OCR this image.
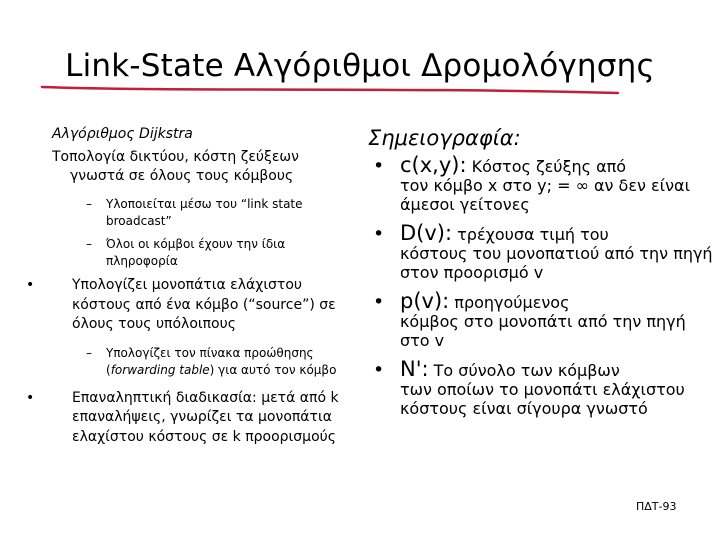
Link-State Αλγόριθμοι Δρομολόγησης
Αλγόριθμος Dijkstra
Τοπολογία δικτύου, κόστη ζεύξεων γνωστά σε όλους τους κόμβους
– Υλοποιείται μέσω του “link state broadcast”
– Όλοι οι κόμβοι έχουν την ίδια πληροφορία
•	Υπολογίζει μονοπάτια ελάχιστου κόστους από ένα κόμβο (“source”) σε όλους τους υπόλοιπους
– Υπολογίζει τον πίνακα προώθησης (forwarding table) για αυτό τον κόμβο
•	Επαναληπτική διαδικασία: μετά από k επαναλήψεις, γνωρίζει τα μονοπάτια ελαχίστου κόστους σε k προορισμούς
Σημειογραφία:
• c(x,y): Κόστος ζεύξης από
τον κόμβο x στο y; = ∞ αν δεν είναι άμεσοι γείτονες
• D(v): τρέχουσα τιμή του
κόστους του μονοπατιού από την πηγή στον προορισμό v
• p(v): προηγούμενος
κόμβος στο μονοπάτι από την πηγή στο v
• N': Το σύνολο των κόμβων
των οποίων το μονοπάτι ελάχιστου κόστους είναι σίγουρα γνωστό
ΠΔΤ-93
